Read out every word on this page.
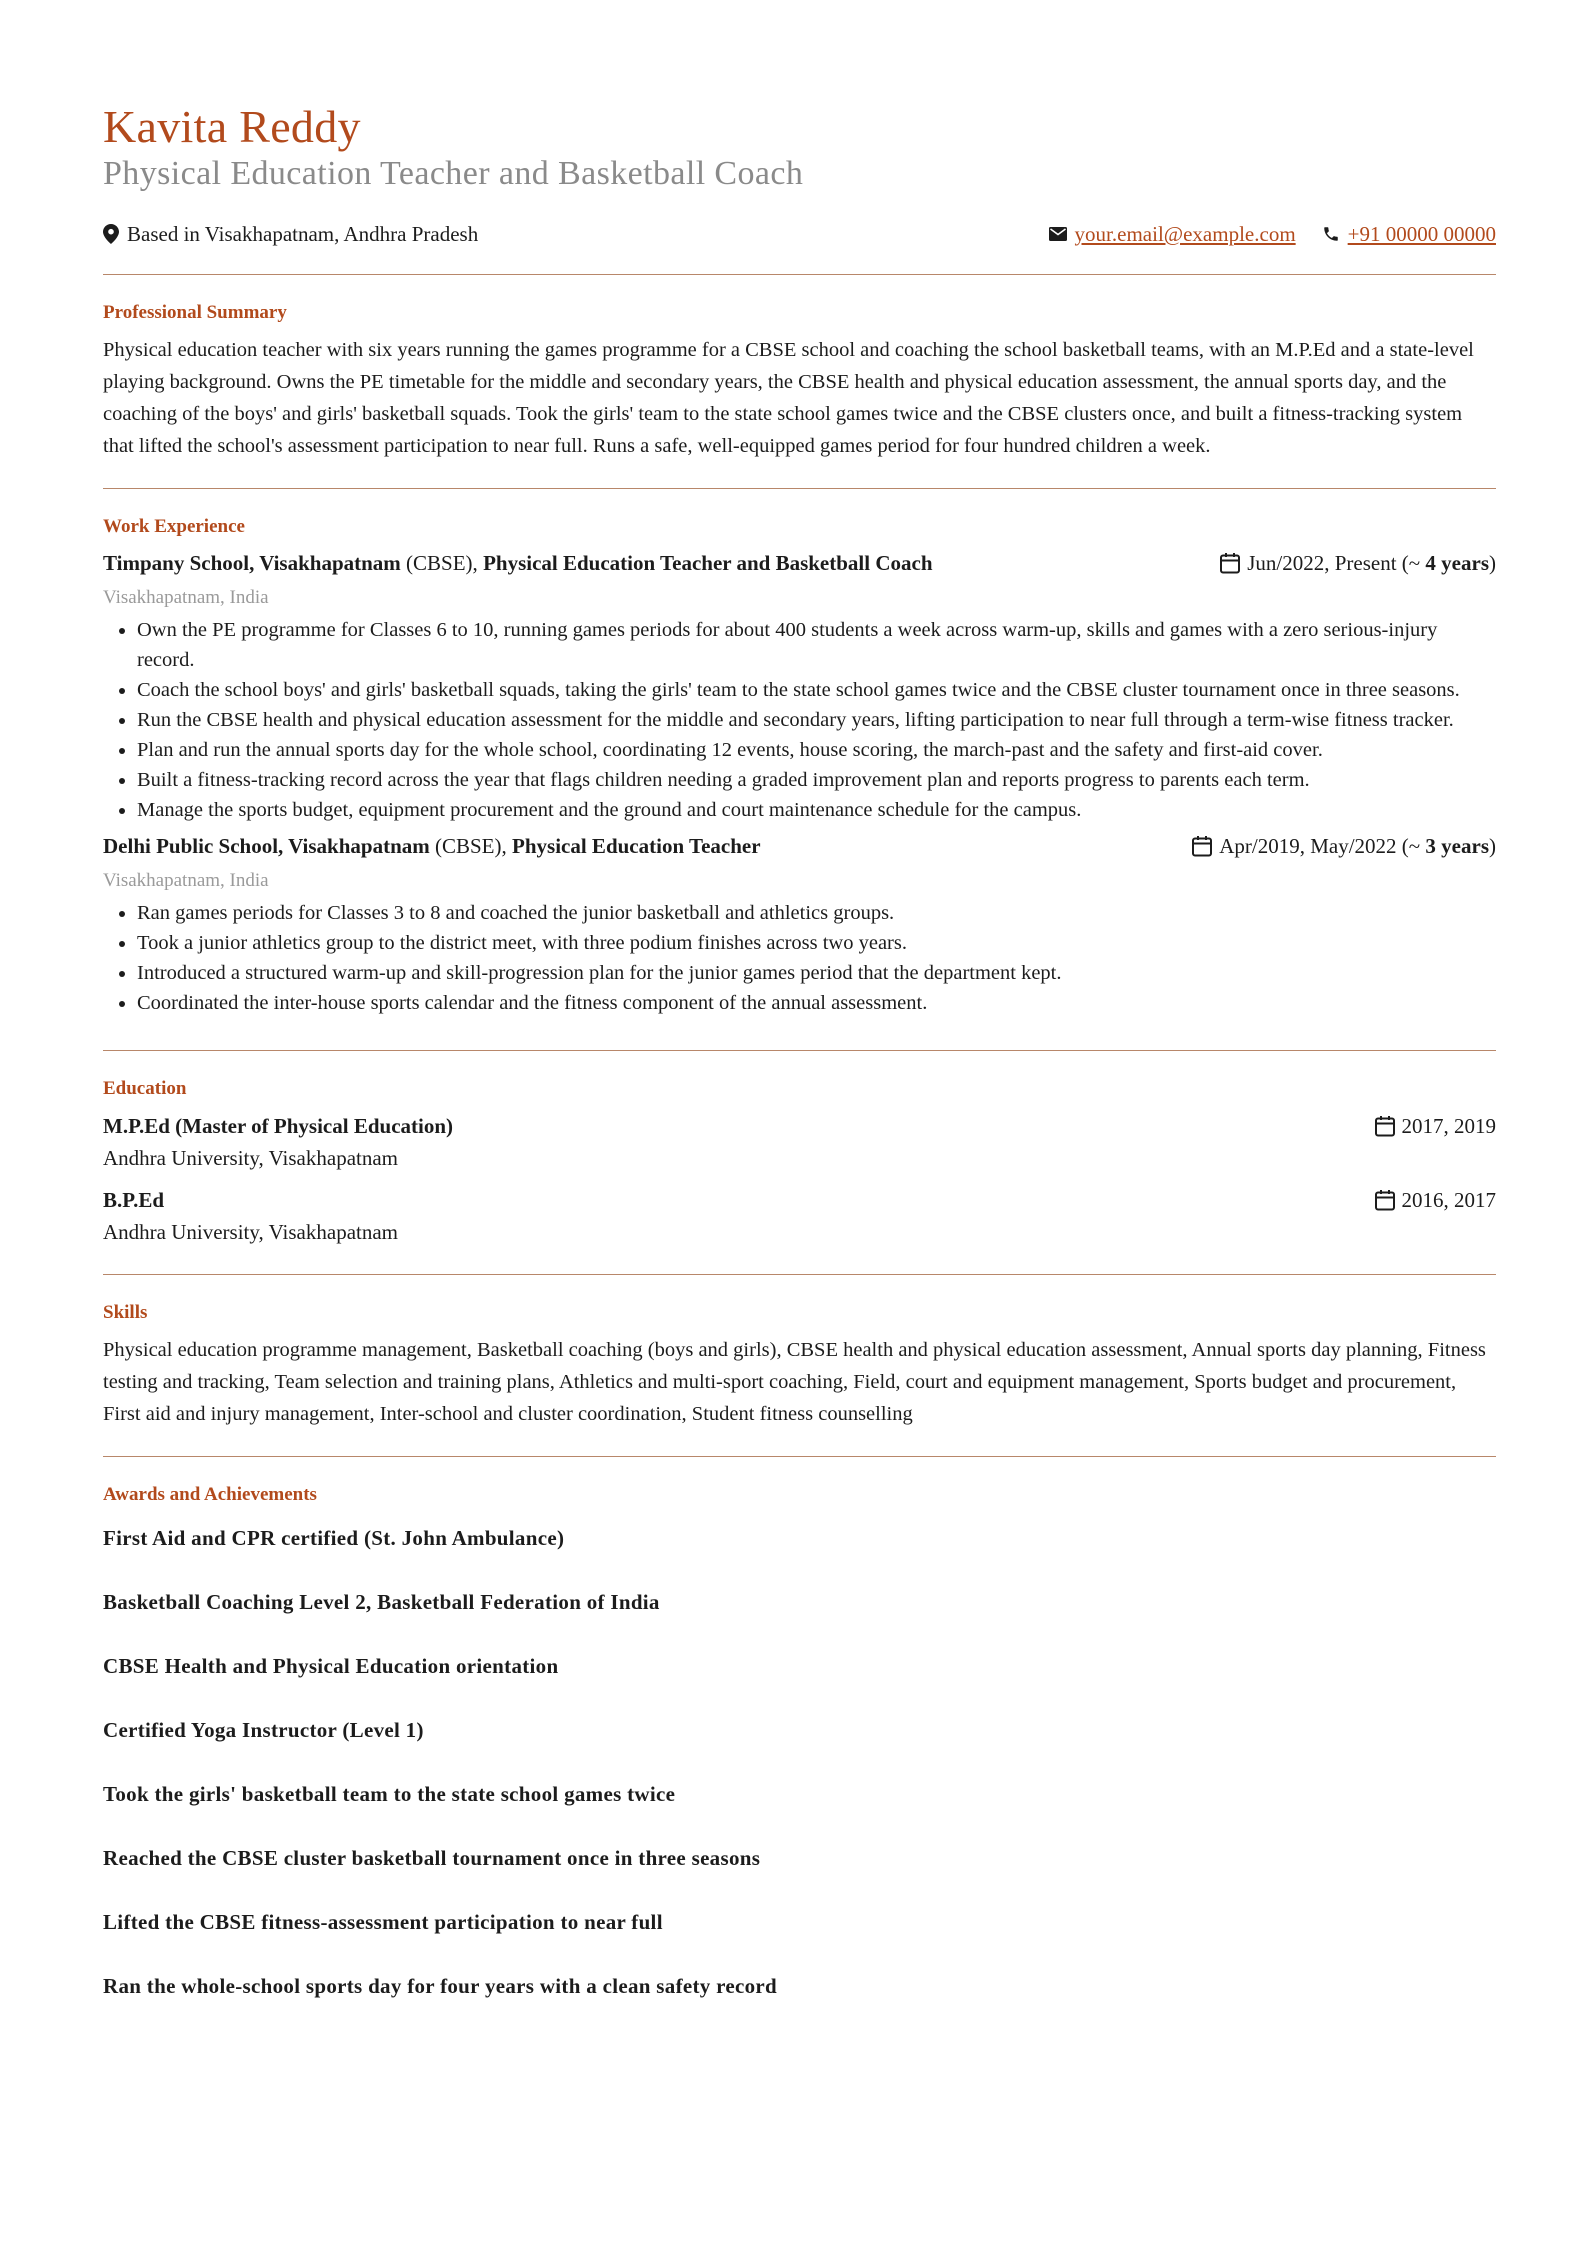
Kavita Reddy
Physical Education Teacher and Basketball Coach
Based in Visakhapatnam, Andhra Pradesh	your.email@example.com +91 00000 00000
Professional Summary

Physical education teacher with six years running the games programme for a CBSE school and coaching the school basketball teams, with an M.P.Ed and a state-level playing background. Owns the PE timetable for the middle and secondary years, the CBSE health and physical education assessment, the annual sports day, and the coaching of the boys' and girls' basketball squads. Took the girls' team to the state school games twice and the CBSE clusters once, and built a fitness-tracking system that lifted the school's assessment participation to near full. Runs a safe, well-equipped games period for four hundred children a week.

Work Experience
Timpany School, Visakhapatnam (CBSE), Physical Education Teacher and Basketball Coach	Jun/2022, Present (~
4 years )
Visakhapatnam, India
• Own the PE programme for Classes 6 to 10, running games periods for about 400 students a week across warm-up, skills and games with a zero serious-injury record.
• Coach the school boys' and girls' basketball squads, taking the girls' team to the state school games twice and the CBSE cluster tournament once in three seasons.
• Run the CBSE health and physical education assessment for the middle and secondary years, lifting participation to near full through a term-wise fitness tracker.
• Plan and run the annual sports day for the whole school, coordinating 12 events, house scoring, the march-past and the safety and first-aid cover.
• Built a fitness-tracking record across the year that flags children needing a graded improvement plan and reports progress to parents each term.
• Manage the sports budget, equipment procurement and the ground and court maintenance schedule for the campus.
Delhi Public School, Visakhapatnam (CBSE), Physical Education Teacher	Apr/2019, May/2022 (~
3 years )
Visakhapatnam, India
• Ran games periods for Classes 3 to 8 and coached the junior basketball and athletics groups.
• Took a junior athletics group to the district meet, with three podium finishes across two years.
• Introduced a structured warm-up and skill-progression plan for the junior games period that the department kept.
• Coordinated the inter-house sports calendar and the fitness component of the annual assessment.
Education
M.P.Ed (Master of Physical Education)	2017, 2019
Andhra University, Visakhapatnam
B.P.Ed	2016, 2017
Andhra University, Visakhapatnam
Skills

Physical education programme management, Basketball coaching (boys and girls), CBSE health and physical education assessment, Annual sports day planning, Fitness testing and tracking, Team selection and training plans, Athletics and multi-sport coaching, Field, court and equipment management, Sports budget and procurement, First aid and injury management, Inter-school and cluster coordination, Student fitness counselling

Awards and Achievements
First Aid and CPR certified (St. John Ambulance)
Basketball Coaching Level 2, Basketball Federation of India
CBSE Health and Physical Education orientation
Certified Yoga Instructor (Level 1)
Took the girls' basketball team to the state school games twice
Reached the CBSE cluster basketball tournament once in three seasons
Lifted the CBSE fitness-assessment participation to near full
Ran the whole-school sports day for four years with a clean safety record
